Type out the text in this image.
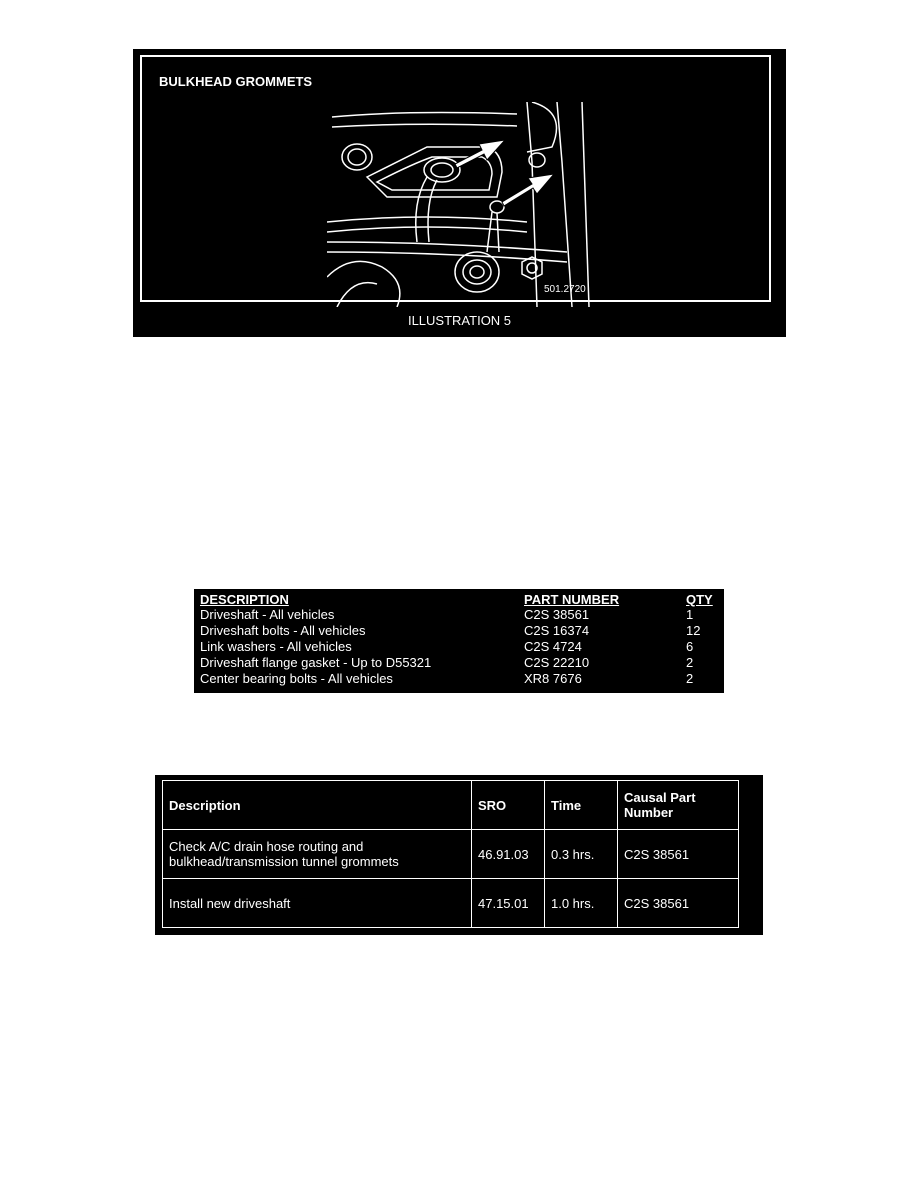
BULKHEAD GROMMETS
501.2720
ILLUSTRATION 5
DESCRIPTION	PART NUMBER	QTY
Driveshaft - All vehicles	C2S 38561	1
Driveshaft bolts - All vehicles	C2S 16374	12
Link washers - All vehicles	C2S 4724	6
Driveshaft flange gasket - Up to D55321	C2S 22210	2
Center bearing bolts - All vehicles	XR8 7676	2
Description	SRO	Time	Causal Part Number
Check A/C drain hose routing and bulkhead/transmission tunnel grommets	46.91.03	0.3 hrs.	C2S 38561
Install new driveshaft	47.15.01	1.0 hrs.	C2S 38561
